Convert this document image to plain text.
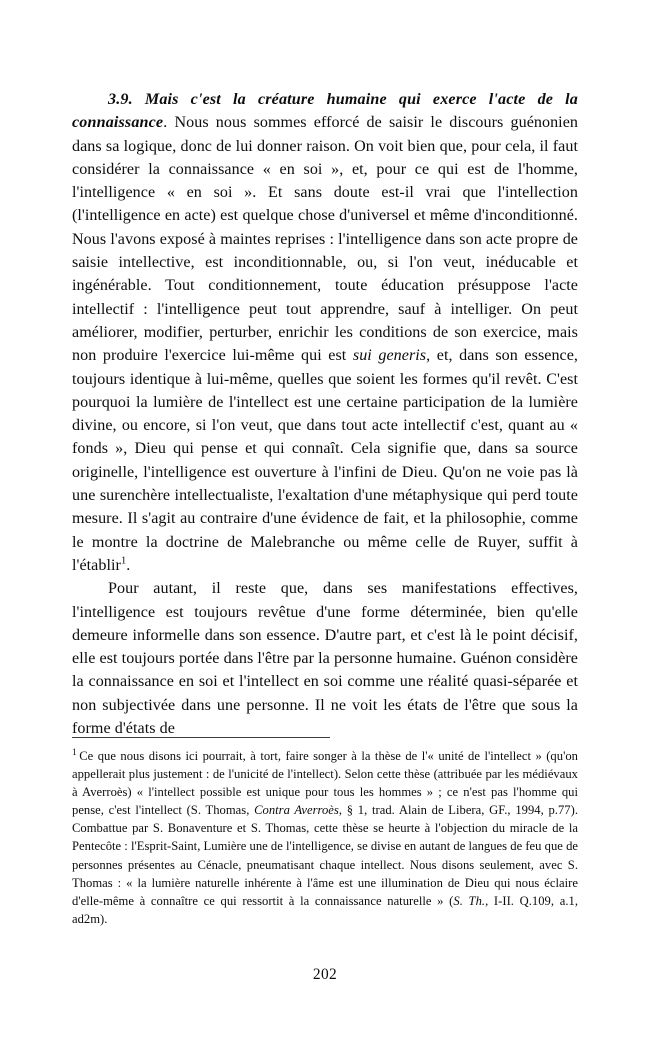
3.9. Mais c'est la créature humaine qui exerce l'acte de la connaissance. Nous nous sommes efforcé de saisir le discours guénonien dans sa logique, donc de lui donner raison. On voit bien que, pour cela, il faut considérer la connaissance « en soi », et, pour ce qui est de l'homme, l'intelligence « en soi ». Et sans doute est-il vrai que l'intellection (l'intelligence en acte) est quelque chose d'universel et même d'inconditionné. Nous l'avons exposé à maintes reprises : l'intelligence dans son acte propre de saisie intellective, est inconditionnable, ou, si l'on veut, inéducable et ingénérable. Tout conditionnement, toute éducation présuppose l'acte intellectif : l'intelligence peut tout apprendre, sauf à intelliger. On peut améliorer, modifier, perturber, enrichir les conditions de son exercice, mais non produire l'exercice lui-même qui est sui generis, et, dans son essence, toujours identique à lui-même, quelles que soient les formes qu'il revêt. C'est pourquoi la lumière de l'intellect est une certaine participation de la lumière divine, ou encore, si l'on veut, que dans tout acte intellectif c'est, quant au « fonds », Dieu qui pense et qui connaît. Cela signifie que, dans sa source originelle, l'intelligence est ouverture à l'infini de Dieu. Qu'on ne voie pas là une surenchère intellectualiste, l'exaltation d'une métaphysique qui perd toute mesure. Il s'agit au contraire d'une évidence de fait, et la philosophie, comme le montre la doctrine de Malebranche ou même celle de Ruyer, suffit à l'établir$^1$.

Pour autant, il reste que, dans ses manifestations effectives, l'intelligence est toujours revêtue d'une forme déterminée, bien qu'elle demeure informelle dans son essence. D'autre part, et c'est là le point décisif, elle est toujours portée dans l'être par la personne humaine. Guénon considère la connaissance en soi et l'intellect en soi comme une réalité quasi-séparée et non subjectivée dans une personne. Il ne voit les états de l'être que sous la forme d'états de

$^1$ Ce que nous disons ici pourrait, à tort, faire songer à la thèse de l'« unité de l'intellect » (qu'on appellerait plus justement : de l'unicité de l'intellect). Selon cette thèse (attribuée par les médiévaux à Averroès) « l'intellect possible est unique pour tous les hommes » ; ce n'est pas l'homme qui pense, c'est l'intellect (S. Thomas, Contra Averroès, § 1, trad. Alain de Libera, GF., 1994, p.77). Combattue par S. Bonaventure et S. Thomas, cette thèse se heurte à l'objection du miracle de la Pentecôte : l'Esprit-Saint, Lumière une de l'intelligence, se divise en autant de langues de feu que de personnes présentes au Cénacle, pneumatisant chaque intellect. Nous disons seulement, avec S. Thomas : « la lumière naturelle inhérente à l'âme est une illumination de Dieu qui nous éclaire d'elle-même à connaître ce qui ressortit à la connaissance naturelle » (S. Th., I-II. Q.109, a.1, ad2m).

202
